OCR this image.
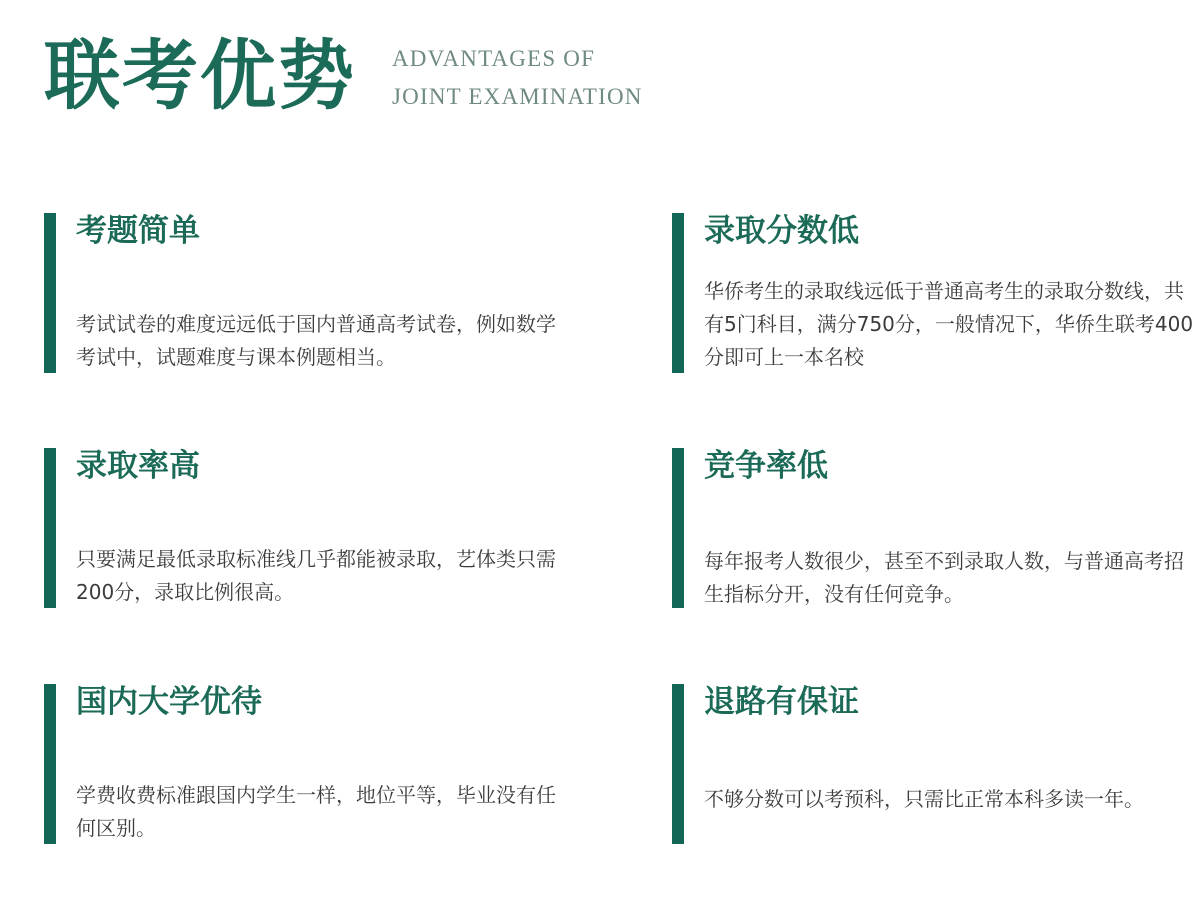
联考优势 ADVANTAGES OF
JOINT EXAMINATION
考题简单
考试试卷的难度远远低于国内普通高考试卷，例如数学考试中，试题难度与课本例题相当。
录取分数低
华侨考生的录取线远低于普通高考生的录取分数线，共有5门科目，满分750分，一般情况下，华侨生联考400分即可上一本名校
录取率高
只要满足最低录取标准线几乎都能被录取，艺体类只需200分，录取比例很高。
竞争率低
每年报考人数很少，甚至不到录取人数，与普通高考招生指标分开，没有任何竞争。
国内大学优待
学费收费标准跟国内学生一样，地位平等，毕业没有任何区别。
退路有保证
不够分数可以考预科，只需比正常本科多读一年。
